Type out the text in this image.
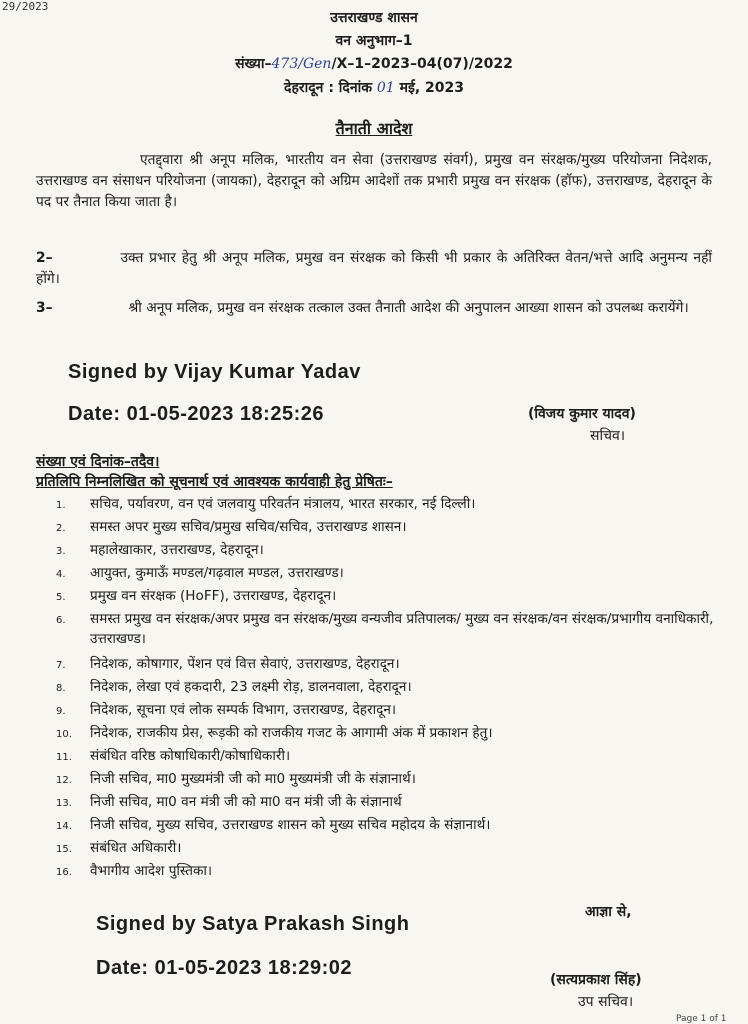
29/2023
उत्तराखण्ड शासन
वन अनुभाग–1
संख्या–473/Gen/X–1–2023–04(07)/2022
देहरादून : दिनांक 01 मई, 2023
तैनाती आदेश
एतद्द्वारा श्री अनूप मलिक, भारतीय वन सेवा (उत्तराखण्ड संवर्ग), प्रमुख वन संरक्षक/मुख्य परियोजना निदेशक, उत्तराखण्ड वन संसाधन परियोजना (जायका), देहरादून को अग्रिम आदेशों तक प्रभारी प्रमुख वन संरक्षक (हॉफ), उत्तराखण्ड, देहरादून के पद पर तैनात किया जाता है।
2–	उक्त प्रभार हेतु श्री अनूप मलिक, प्रमुख वन संरक्षक को किसी भी प्रकार के अतिरिक्त वेतन/भत्ते आदि अनुमन्य नहीं होंगे।
3–	श्री अनूप मलिक, प्रमुख वन संरक्षक तत्काल उक्त तैनाती आदेश की अनुपालन आख्या शासन को उपलब्ध करायेंगे।
Signed by Vijay Kumar Yadav
Date: 01-05-2023 18:25:26	(विजय कुमार यादव)
सचिव।
संख्या एवं दिनांक–तदैव।
प्रतिलिपि निम्नलिखित को सूचनार्थ एवं आवश्यक कार्यवाही हेतु प्रेषितः–
1. सचिव, पर्यावरण, वन एवं जलवायु परिवर्तन मंत्रालय, भारत सरकार, नई दिल्ली।
2. समस्त अपर मुख्य सचिव/प्रमुख सचिव/सचिव, उत्तराखण्ड शासन।
3. महालेखाकार, उत्तराखण्ड, देहरादून।
4. आयुक्त, कुमाऊँ मण्डल/गढ़वाल मण्डल, उत्तराखण्ड।
5. प्रमुख वन संरक्षक (HoFF), उत्तराखण्ड, देहरादून।
6. समस्त प्रमुख वन संरक्षक/अपर प्रमुख वन संरक्षक/मुख्य वन्यजीव प्रतिपालक/ मुख्य वन संरक्षक/वन संरक्षक/प्रभागीय वनाधिकारी, उत्तराखण्ड।
7. निदेशक, कोषागार, पेंशन एवं वित्त सेवाएं, उत्तराखण्ड, देहरादून।
8. निदेशक, लेखा एवं हकदारी, 23 लक्ष्मी रोड़, डालनवाला, देहरादून।
9. निदेशक, सूचना एवं लोक सम्पर्क विभाग, उत्तराखण्ड, देहरादून।
10. निदेशक, राजकीय प्रेस, रूड़की को राजकीय गजट के आगामी अंक में प्रकाशन हेतु।
11. संबंधित वरिष्ठ कोषाधिकारी/कोषाधिकारी।
12. निजी सचिव, मा0 मुख्यमंत्री जी को मा0 मुख्यमंत्री जी के संज्ञानार्थ।
13. निजी सचिव, मा0 वन मंत्री जी को मा0 वन मंत्री जी के संज्ञानार्थ
14. निजी सचिव, मुख्य सचिव, उत्तराखण्ड शासन को मुख्य सचिव महोदय के संज्ञानार्थ।
15. संबंधित अधिकारी।
16. वैभागीय आदेश पुस्तिका।
आज्ञा से,
Signed by Satya Prakash Singh
Date: 01-05-2023 18:29:02
(सत्यप्रकाश सिंह)
उप सचिव।
Page 1 of 1
